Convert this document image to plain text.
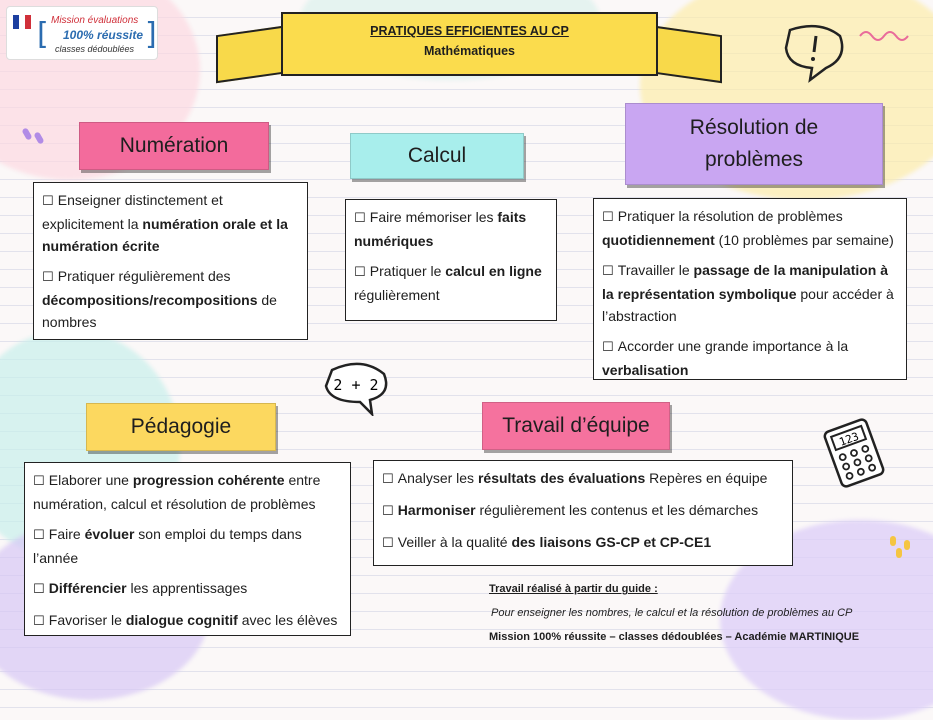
[	]
Mission évaluations
100% réussite
classes dédoublées
PRATIQUES EFFICIENTES AU CP
Mathématiques
Numération	Calcul
Résolution de problèmes
Pédagogie	Travail d’équipe

☐ Enseigner distinctement et explicitement la numération orale et la numération écrite

☐ Pratiquer régulièrement des décompositions/recompositions de nombres

☐ Faire mémoriser les faits numériques

☐ Pratiquer le calcul en ligne régulièrement

☐ Pratiquer la résolution de problèmes quotidiennement (10 problèmes par semaine)

☐ Travailler le passage de la manipulation à la représentation symbolique pour accéder à l’abstraction

☐ Accorder une grande importance à la verbalisation

☐ Elaborer une progression cohérente entre numération, calcul et résolution de problèmes

☐ Faire évoluer son emploi du temps dans l’année

☐ Différencier les apprentissages

☐ Favoriser le dialogue cognitif avec les élèves

☐ Analyser les résultats des évaluations Repères en équipe

☐ Harmoniser régulièrement les contenus et les démarches

☐ Veiller à la qualité des liaisons GS-CP et CP-CE1

2 + 2
123
Travail réalisé à partir du guide :
Pour enseigner les nombres, le calcul et la résolution de problèmes au CP
Mission 100% réussite – classes dédoublées – Académie MARTINIQUE
